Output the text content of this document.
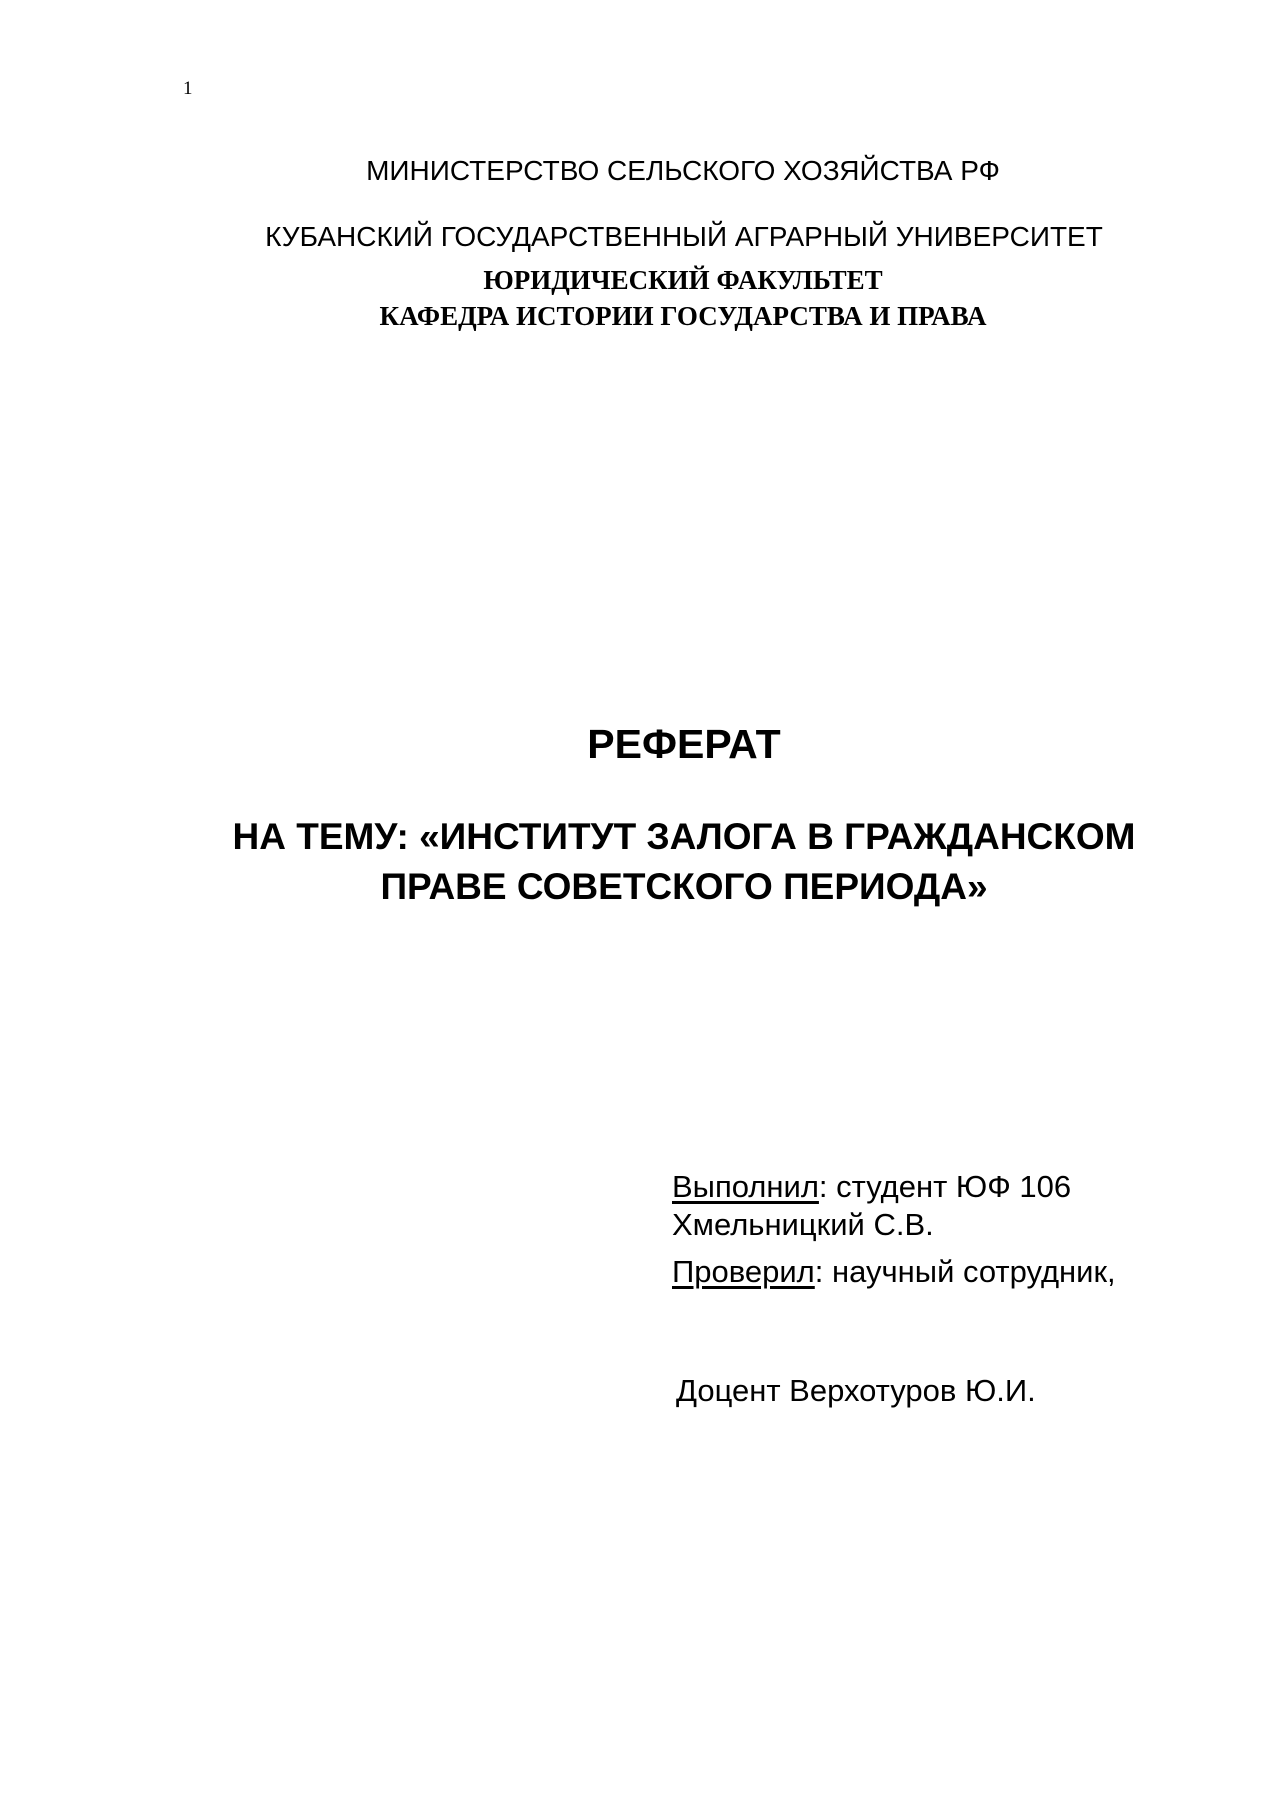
1
МИНИСТЕРСТВО СЕЛЬСКОГО ХОЗЯЙСТВА РФ
КУБАНСКИЙ ГОСУДАРСТВЕННЫЙ АГРАРНЫЙ УНИВЕРСИТЕТ
ЮРИДИЧЕСКИЙ ФАКУЛЬТЕТ
КАФЕДРА ИСТОРИИ ГОСУДАРСТВА И ПРАВА
РЕФЕРАТ
НА ТЕМУ: «ИНСТИТУТ ЗАЛОГА В ГРАЖДАНСКОМ
ПРАВЕ СОВЕТСКОГО ПЕРИОДА»
Выполнил: студент ЮФ 106
Хмельницкий С.В.
Проверил: научный сотрудник,
Доцент Верхотуров Ю.И.
